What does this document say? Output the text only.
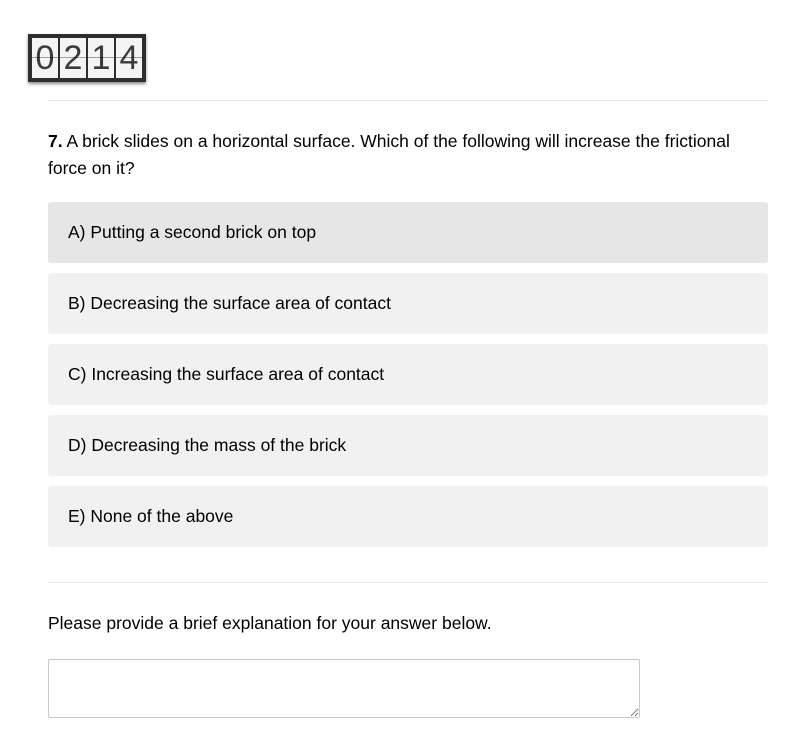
0 2 1 4
7. A brick slides on a horizontal surface. Which of the following will increase the frictional force on it?
A) Putting a second brick on top
B) Decreasing the surface area of contact
C) Increasing the surface area of contact
D) Decreasing the mass of the brick
E) None of the above
Please provide a brief explanation for your answer below.
